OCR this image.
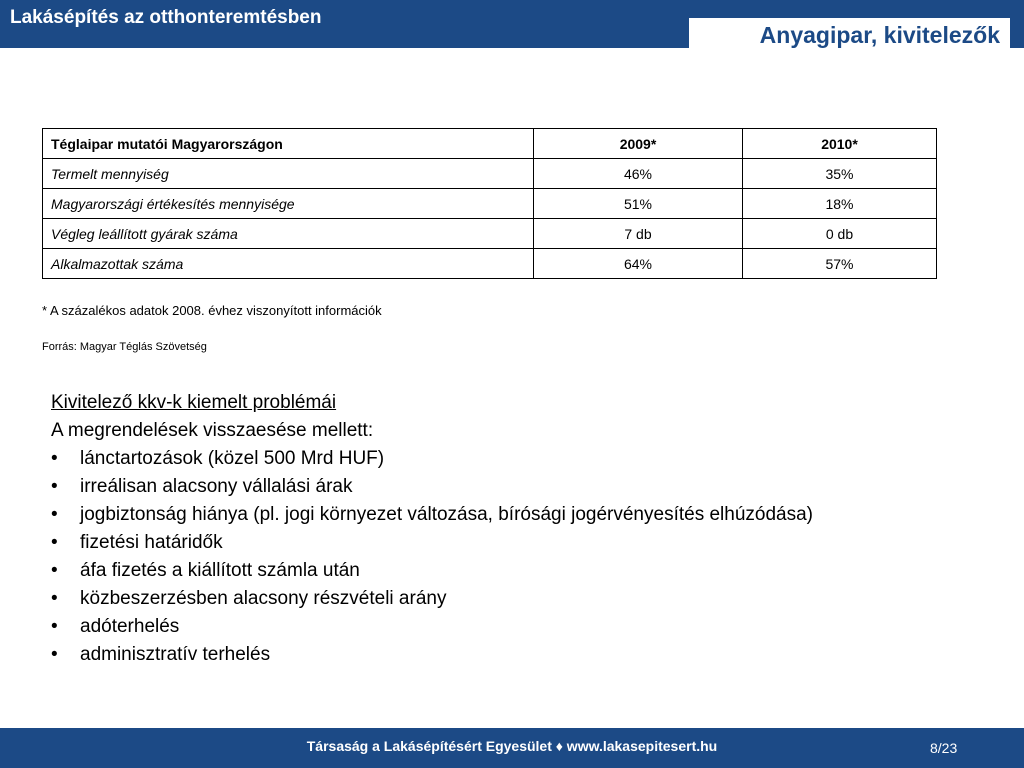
Lakásépítés az otthonteremtésben
Anyagipar, kivitelezők
Téglaipar mutatói Magyarországon	2009*	2010*
Termelt mennyiség	46%	35%
Magyarországi értékesítés mennyisége	51%	18%
Végleg leállított gyárak száma	7 db	0 db
Alkalmazottak száma	64%	57%
* A százalékos adatok 2008. évhez viszonyított információk
Forrás: Magyar Téglás Szövetség
Kivitelező kkv-k kiemelt problémái
A megrendelések visszaesése mellett:
• lánctartozások (közel 500 Mrd HUF)
• irreálisan alacsony vállalási árak
• jogbiztonság hiánya (pl. jogi környezet változása, bírósági jogérvényesítés elhúzódása)
• fizetési határidők
• áfa fizetés a kiállított számla után
• közbeszerzésben alacsony részvételi arány
• adóterhelés
• adminisztratív terhelés
Társaság a Lakásépítésért Egyesület ♦ www.lakasepitesert.hu	8/23
